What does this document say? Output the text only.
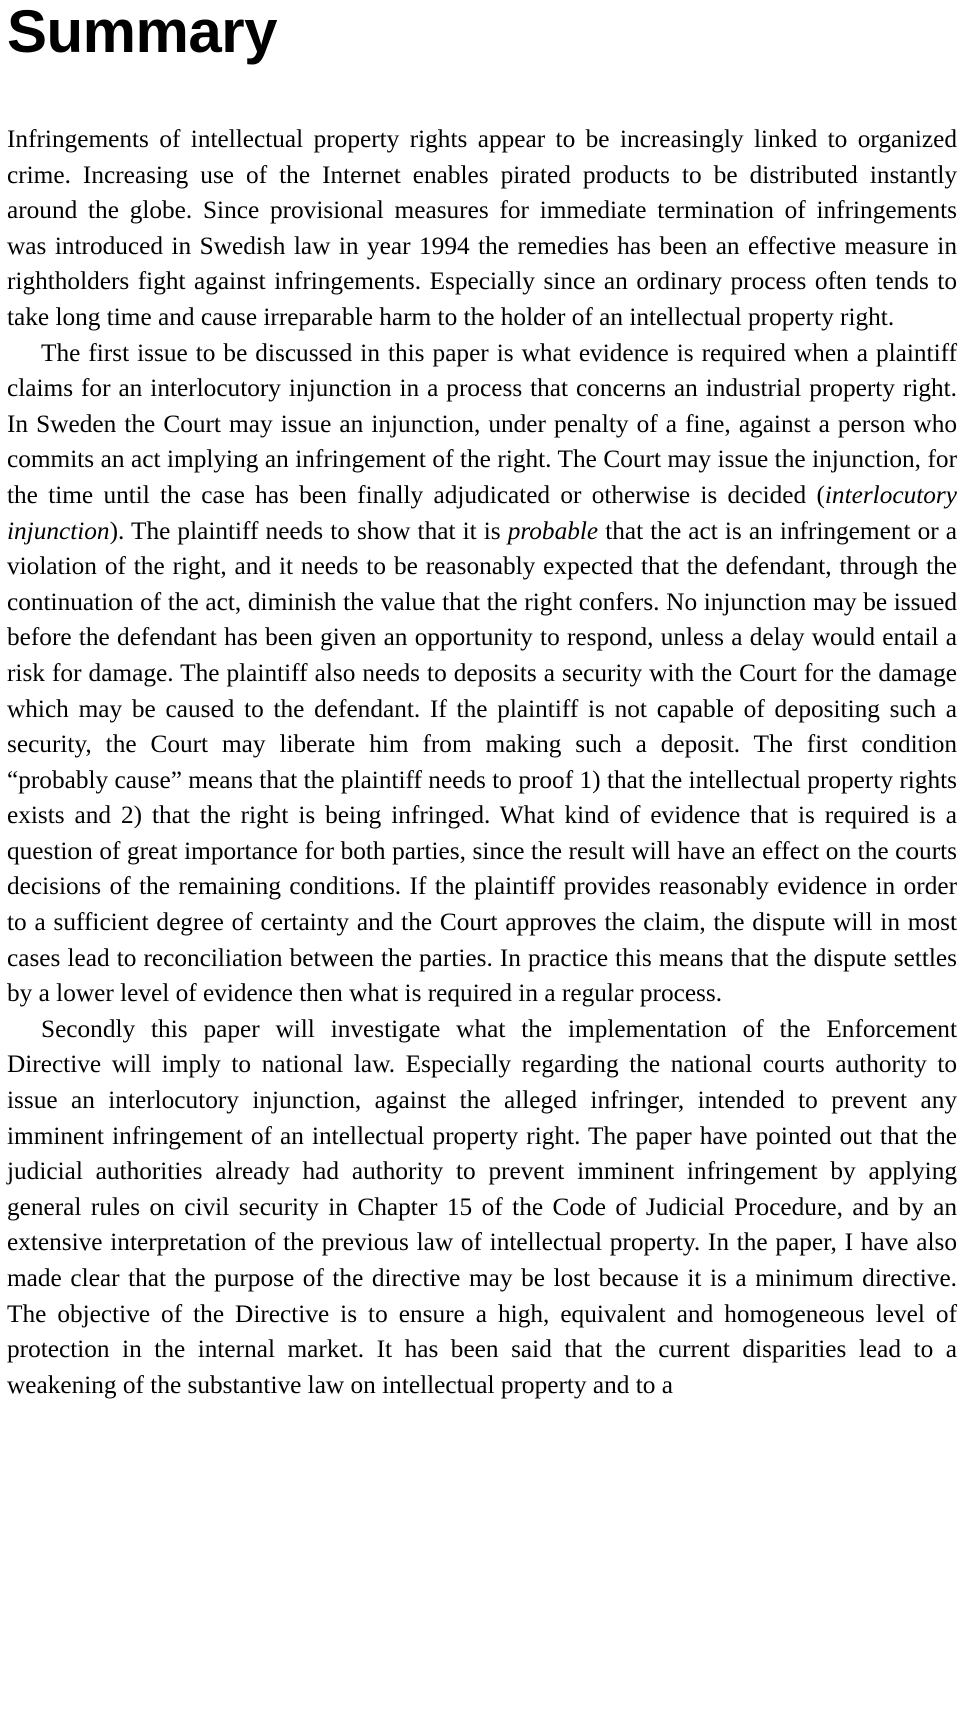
Summary

Infringements of intellectual property rights appear to be increasingly linked to organized crime. Increasing use of the Internet enables pirated products to be distributed instantly around the globe. Since provisional measures for immediate termination of infringements was introduced in Swedish law in year 1994 the remedies has been an effective measure in rightholders fight against infringements. Especially since an ordinary process often tends to take long time and cause irreparable harm to the holder of an intellectual property right.

The first issue to be discussed in this paper is what evidence is required when a plaintiff claims for an interlocutory injunction in a process that concerns an industrial property right. In Sweden the Court may issue an injunction, under penalty of a fine, against a person who commits an act implying an infringement of the right. The Court may issue the injunction, for the time until the case has been finally adjudicated or otherwise is decided (interlocutory injunction). The plaintiff needs to show that it is probable that the act is an infringement or a violation of the right, and it needs to be reasonably expected that the defendant, through the continuation of the act, diminish the value that the right confers. No injunction may be issued before the defendant has been given an opportunity to respond, unless a delay would entail a risk for damage. The plaintiff also needs to deposits a security with the Court for the damage which may be caused to the defendant. If the plaintiff is not capable of depositing such a security, the Court may liberate him from making such a deposit. The first condition “probably cause” means that the plaintiff needs to proof 1) that the intellectual property rights exists and 2) that the right is being infringed. What kind of evidence that is required is a question of great importance for both parties, since the result will have an effect on the courts decisions of the remaining conditions. If the plaintiff provides reasonably evidence in order to a sufficient degree of certainty and the Court approves the claim, the dispute will in most cases lead to reconciliation between the parties. In practice this means that the dispute settles by a lower level of evidence then what is required in a regular process.

Secondly this paper will investigate what the implementation of the Enforcement Directive will imply to national law. Especially regarding the national courts authority to issue an interlocutory injunction, against the alleged infringer, intended to prevent any imminent infringement of an intellectual property right. The paper have pointed out that the judicial authorities already had authority to prevent imminent infringement by applying general rules on civil security in Chapter 15 of the Code of Judicial Procedure, and by an extensive interpretation of the previous law of intellectual property. In the paper, I have also made clear that the purpose of the directive may be lost because it is a minimum directive. The objective of the Directive is to ensure a high, equivalent and homogeneous level of protection in the internal market. It has been said that the current disparities lead to a weakening of the substantive law on intellectual property and to a
